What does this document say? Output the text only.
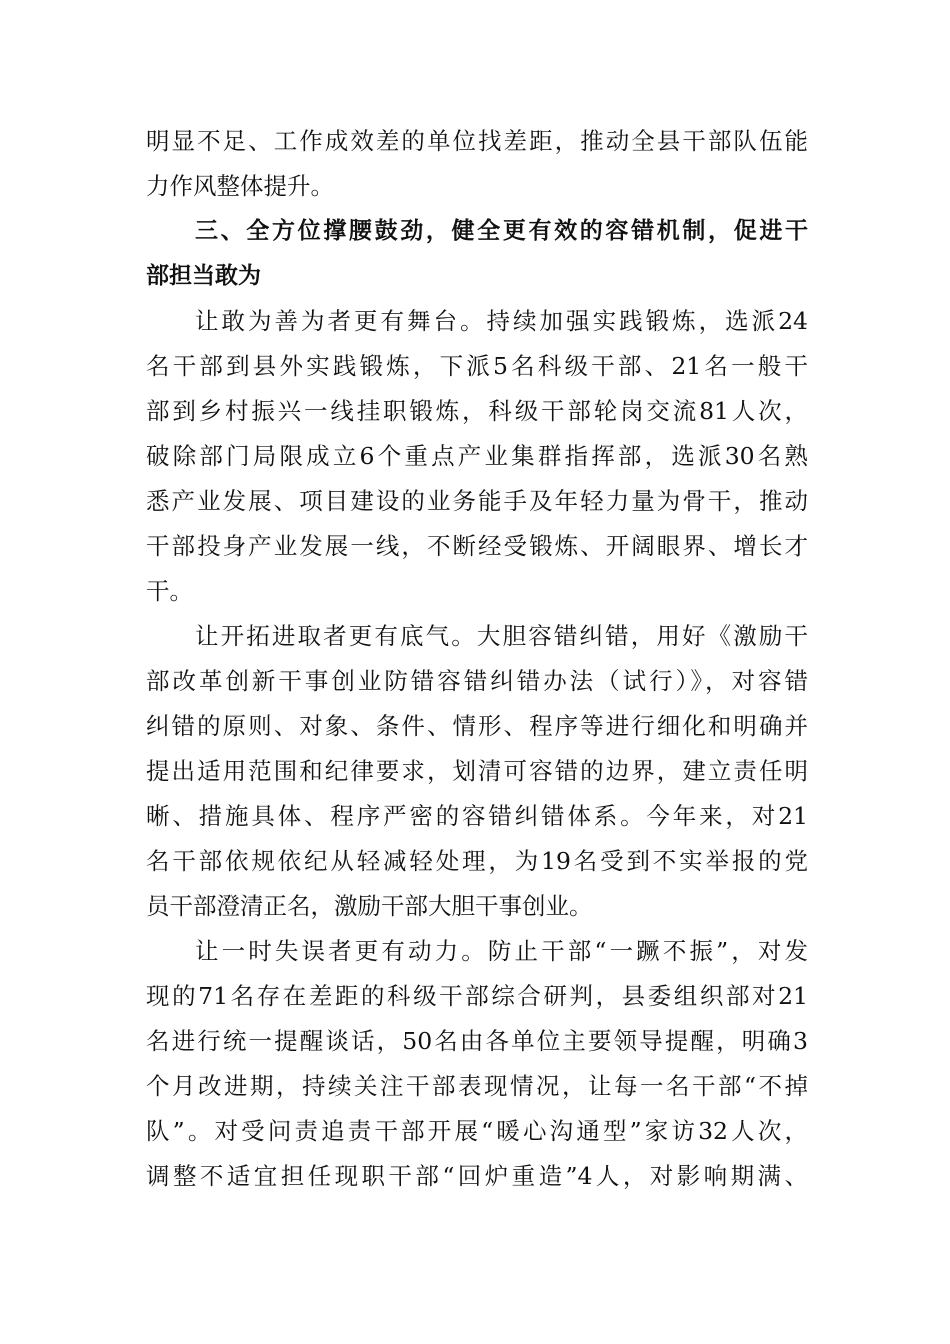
明显不足、工作成效差的单位找差距，推动全县干部队伍能
力作风整体提升。
三、全方位撑腰鼓劲，健全更有效的容错机制，促进干
部担当敢为
让敢为善为者更有舞台。持续加强实践锻炼，选派24
名干部到县外实践锻炼，下派5名科级干部、21名一般干
部到乡村振兴一线挂职锻炼，科级干部轮岗交流81人次，
破除部门局限成立6个重点产业集群指挥部，选派30名熟
悉产业发展、项目建设的业务能手及年轻力量为骨干，推动
干部投身产业发展一线，不断经受锻炼、开阔眼界、增长才
干。
让开拓进取者更有底气。大胆容错纠错，用好《激励干
部改革创新干事创业防错容错纠错办法（试行）》，对容错
纠错的原则、对象、条件、情形、程序等进行细化和明确并
提出适用范围和纪律要求，划清可容错的边界，建立责任明
晰、措施具体、程序严密的容错纠错体系。今年来，对21
名干部依规依纪从轻减轻处理，为19名受到不实举报的党
员干部澄清正名，激励干部大胆干事创业。
让一时失误者更有动力。防止干部“一蹶不振”，对发
现的71名存在差距的科级干部综合研判，县委组织部对21
名进行统一提醒谈话，50名由各单位主要领导提醒，明确3
个月改进期，持续关注干部表现情况，让每一名干部“不掉
队”。对受问责追责干部开展“暖心沟通型”家访32人次，
调整不适宜担任现职干部“回炉重造”4人，对影响期满、
